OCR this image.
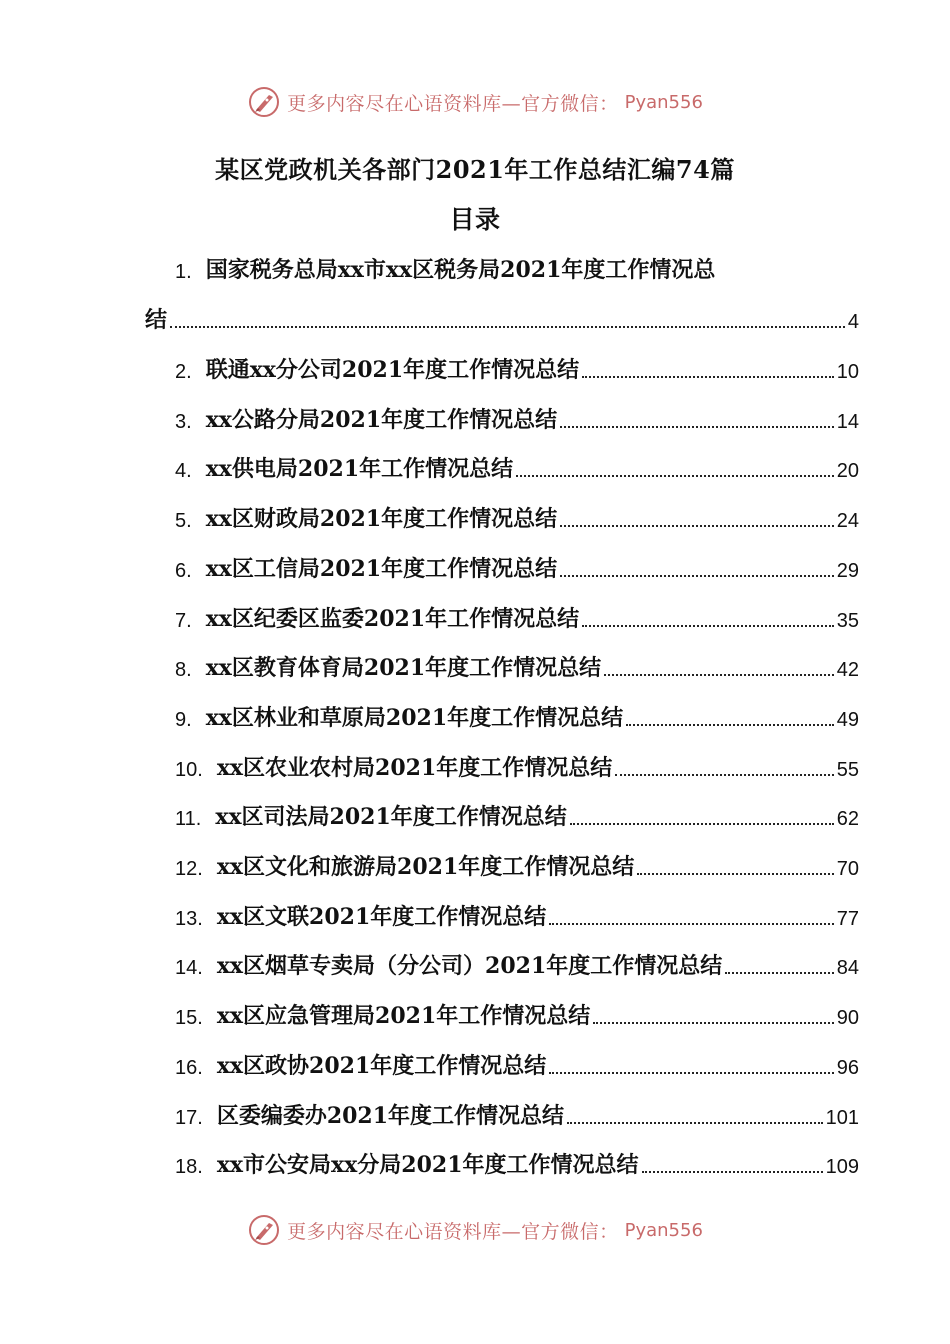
更多内容尽在心语资料库—官方微信： Pyan556
某区党政机关各部门2021年工作总结汇编74篇
目录
1 . 国家税务总局xx市xx区税务局2021年度工作情况总
结	4
2 . 联通xx分公司2021年度工作情况总结	10
3 . xx公路分局2021年度工作情况总结	14
4 . xx供电局2021年工作情况总结	20
5 . xx区财政局2021年度工作情况总结	24
6 . xx区工信局2021年度工作情况总结	29
7 . xx区纪委区监委2021年工作情况总结	35
8 . xx区教育体育局2021年度工作情况总结	42
9 . xx区林业和草原局2021年度工作情况总结	49
10 . xx区农业农村局2021年度工作情况总结	55
11 . xx区司法局2021年度工作情况总结	62
12 . xx区文化和旅游局2021年度工作情况总结	70
13 . xx区文联2021年度工作情况总结	77
14 . xx区烟草专卖局（分公司）2021年度工作情况总结	84
15 . xx区应急管理局2021年工作情况总结	90
16 . xx区政协2021年度工作情况总结	96
17 . 区委编委办2021年度工作情况总结	101
18 . xx市公安局xx分局2021年度工作情况总结	109
更多内容尽在心语资料库—官方微信： Pyan556
